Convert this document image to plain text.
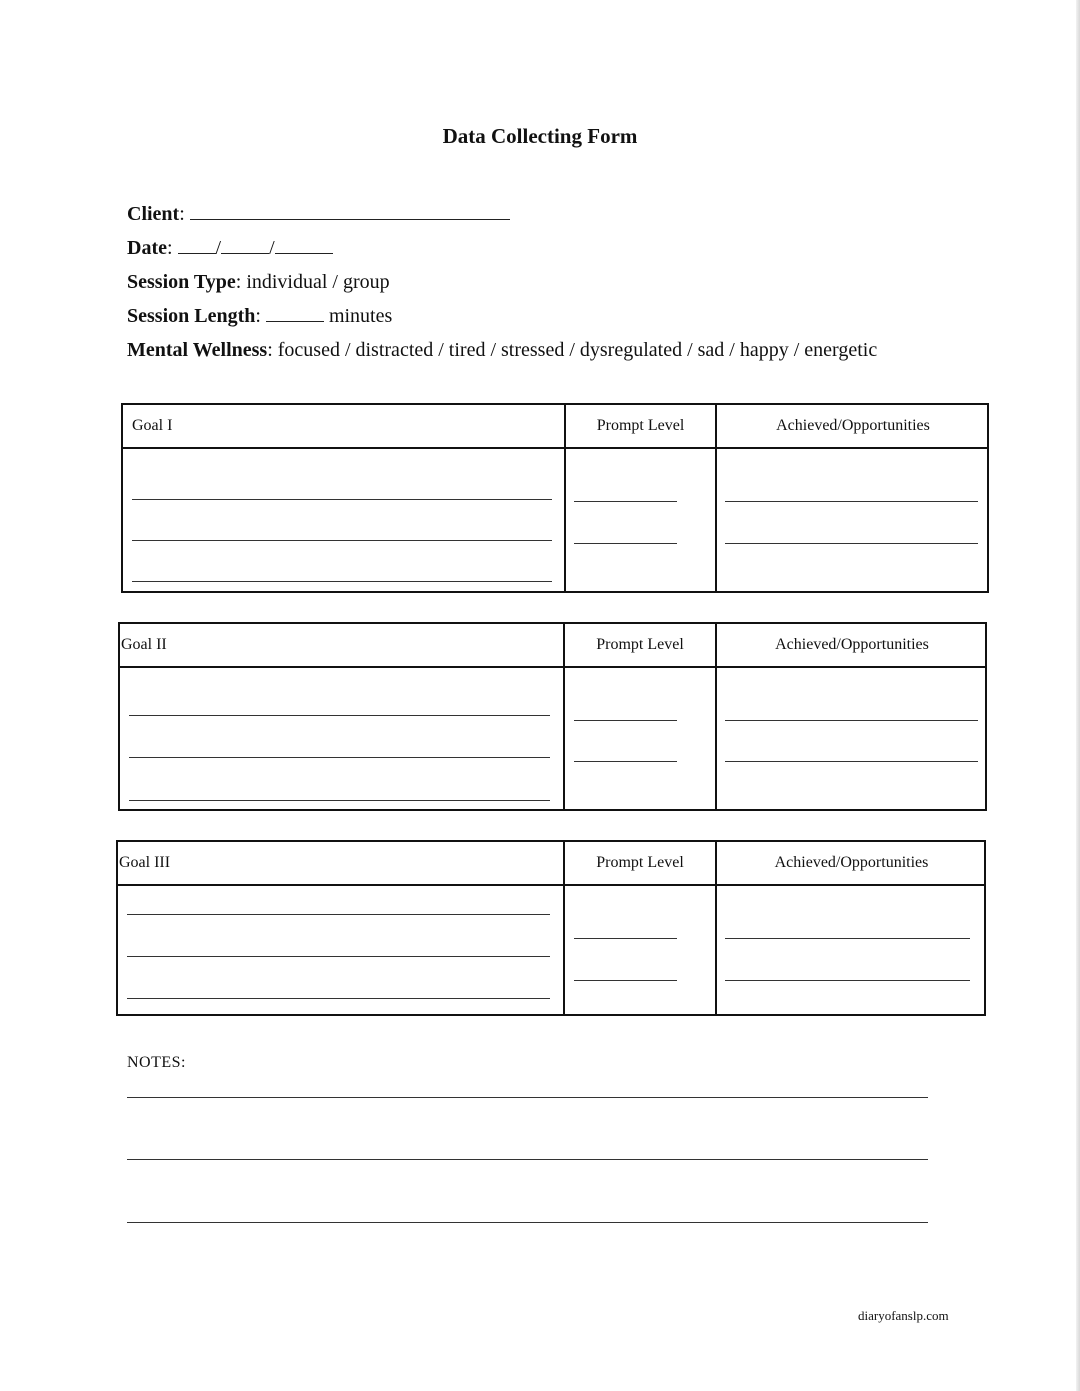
Data Collecting Form
Client:
Date: / /
Session Type: individual / group
Session Length:	minutes
Mental Wellness: focused / distracted / tired / stressed / dysregulated / sad / happy / energetic
Goal I	Prompt Level	Achieved/Opportunities
Goal II	Prompt Level	Achieved/Opportunities
Goal III	Prompt Level	Achieved/Opportunities
NOTES:
diaryofanslp.com
